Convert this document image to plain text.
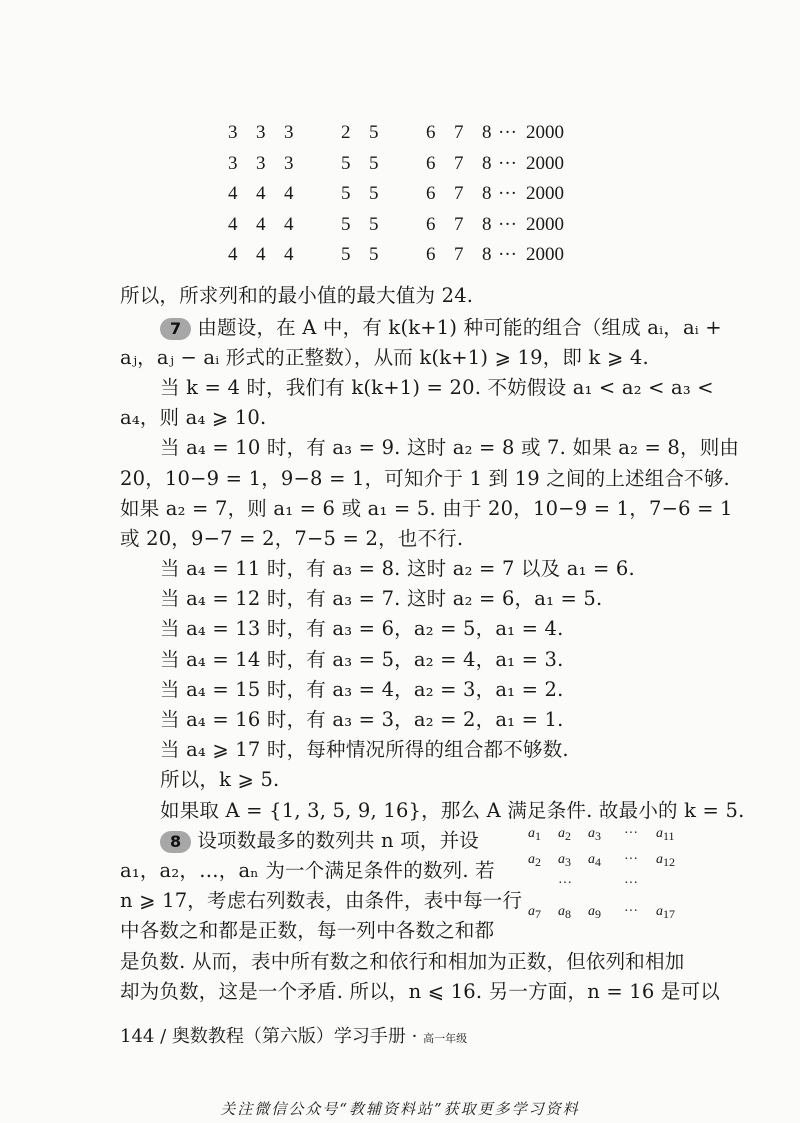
3 3 3	2 5	6 7 8 ··· 2000
3 3 3	5 5	6 7 8 ··· 2000
4 4 4	5 5	6 7 8 ··· 2000
4 4 4	5 5	6 7 8 ··· 2000
4 4 4	5 5	6 7 8 ··· 2000
所以，所求列和的最小值的最大值为 24.
7 由题设，在 A 中，有 k(k+1) 种可能的组合（组成 aᵢ，aᵢ +
aⱼ，aⱼ − aᵢ 形式的正整数），从而 k(k+1) ⩾ 19，即 k ⩾ 4.
当 k = 4 时，我们有 k(k+1) = 20. 不妨假设 a₁ < a₂ < a₃ <
a₄，则 a₄ ⩾ 10.
当 a₄ = 10 时，有 a₃ = 9. 这时 a₂ = 8 或 7. 如果 a₂ = 8，则由
20，10−9 = 1，9−8 = 1，可知介于 1 到 19 之间的上述组合不够.
如果 a₂ = 7，则 a₁ = 6 或 a₁ = 5. 由于 20，10−9 = 1，7−6 = 1
或 20，9−7 = 2，7−5 = 2，也不行.
当 a₄ = 11 时，有 a₃ = 8. 这时 a₂ = 7 以及 a₁ = 6.
当 a₄ = 12 时，有 a₃ = 7. 这时 a₂ = 6，a₁ = 5.
当 a₄ = 13 时，有 a₃ = 6，a₂ = 5，a₁ = 4.
当 a₄ = 14 时，有 a₃ = 5，a₂ = 4，a₁ = 3.
当 a₄ = 15 时，有 a₃ = 4，a₂ = 3，a₁ = 2.
当 a₄ = 16 时，有 a₃ = 3，a₂ = 2，a₁ = 1.
当 a₄ ⩾ 17 时，每种情况所得的组合都不够数.
所以，k ⩾ 5.
如果取 A = {1, 3, 5, 9, 16}，那么 A 满足条件. 故最小的 k = 5.
8 设项数最多的数列共 n 项，并设
a₁，a₂，…，aₙ 为一个满足条件的数列. 若
n ⩾ 17，考虑右列数表，由条件，表中每一行
中各数之和都是正数，每一列中各数之和都
是负数. 从而，表中所有数之和依行和相加为正数，但依列和相加
却为负数，这是一个矛盾. 所以，n ⩽ 16. 另一方面，n = 16 是可以
$a_1$ $a_2$ $a_3$ ··· $a_{11}$
$a_2$ $a_3$ $a_4$ ··· $a_{12}$
···	···
$a_7$ $a_8$ $a_9$ ··· $a_{17}$
144 / 奥数教程（第六版）学习手册 · 高一年级
关注微信公众号“教辅资料站”获取更多学习资料
